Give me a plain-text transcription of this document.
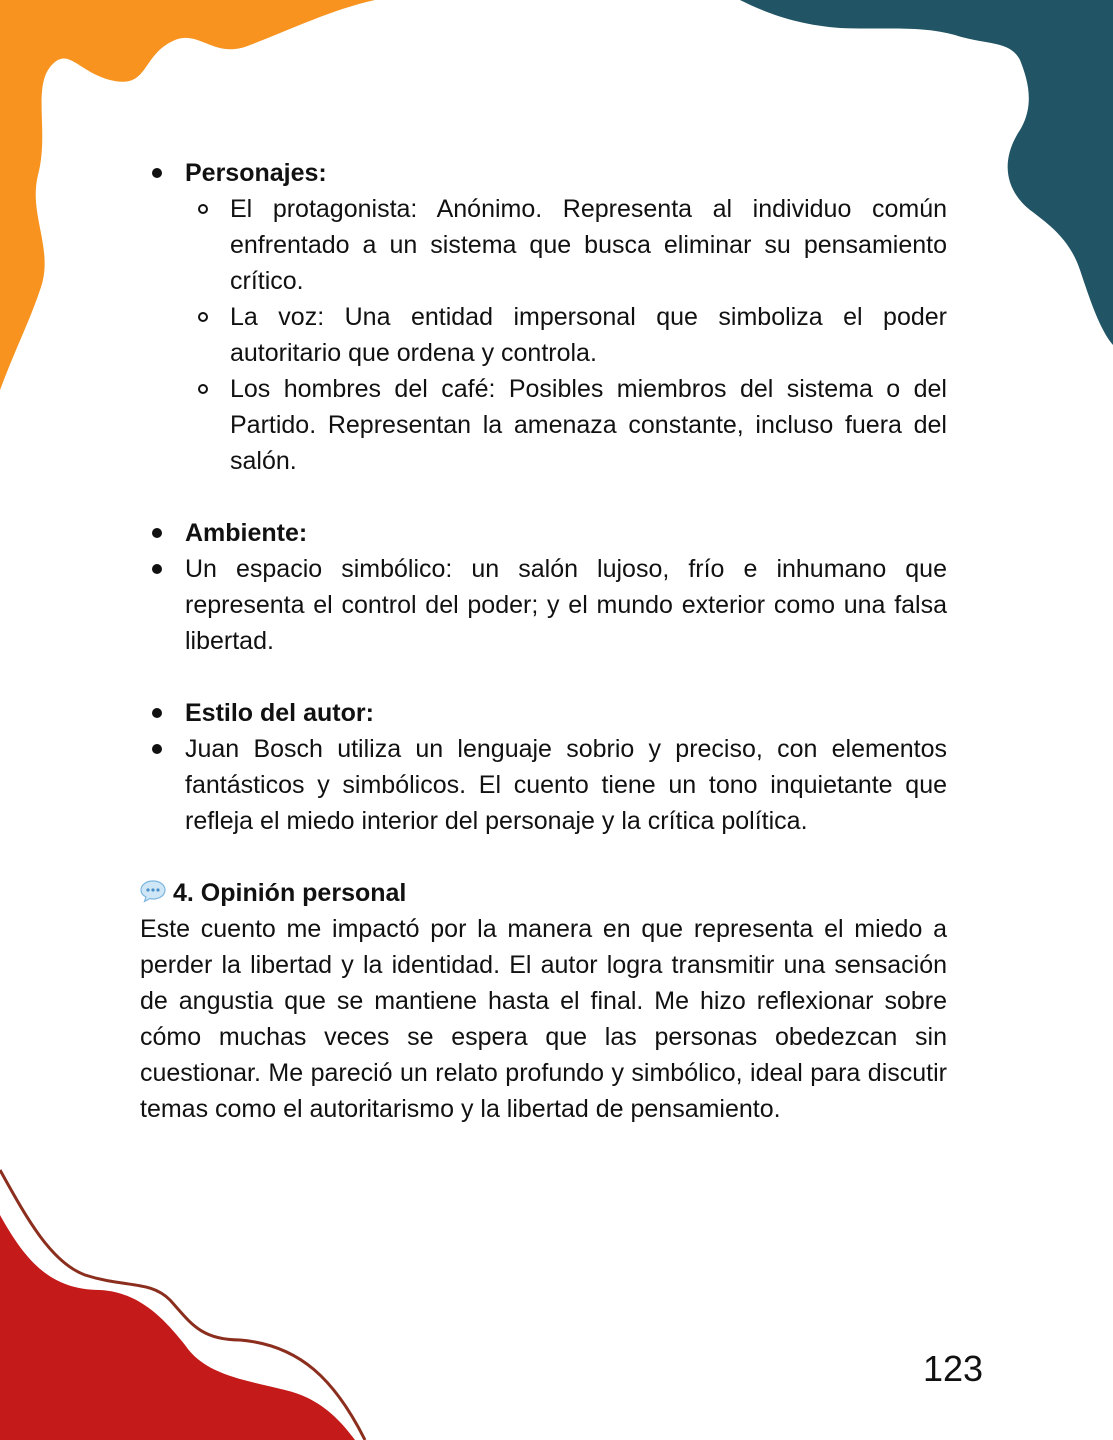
Personajes:
El protagonista: Anónimo. Representa al individuo común enfrentado a un sistema que busca eliminar su pensamiento crítico.
La voz: Una entidad impersonal que simboliza el poder autoritario que ordena y controla.
Los hombres del café: Posibles miembros del sistema o del Partido. Representan la amenaza constante, incluso fuera del salón.
Ambiente:
Un espacio simbólico: un salón lujoso, frío e inhumano que representa el control del poder; y el mundo exterior como una falsa libertad.
Estilo del autor:
Juan Bosch utiliza un lenguaje sobrio y preciso, con elementos fantásticos y simbólicos. El cuento tiene un tono inquietante que refleja el miedo interior del personaje y la crítica política.
4. Opinión personal

Este cuento me impactó por la manera en que representa el miedo a perder la libertad y la identidad. El autor logra transmitir una sensación de angustia que se mantiene hasta el final. Me hizo reflexionar sobre cómo muchas veces se espera que las personas obedezcan sin cuestionar. Me pareció un relato profundo y simbólico, ideal para discutir temas como el autoritarismo y la libertad de pensamiento.

123
